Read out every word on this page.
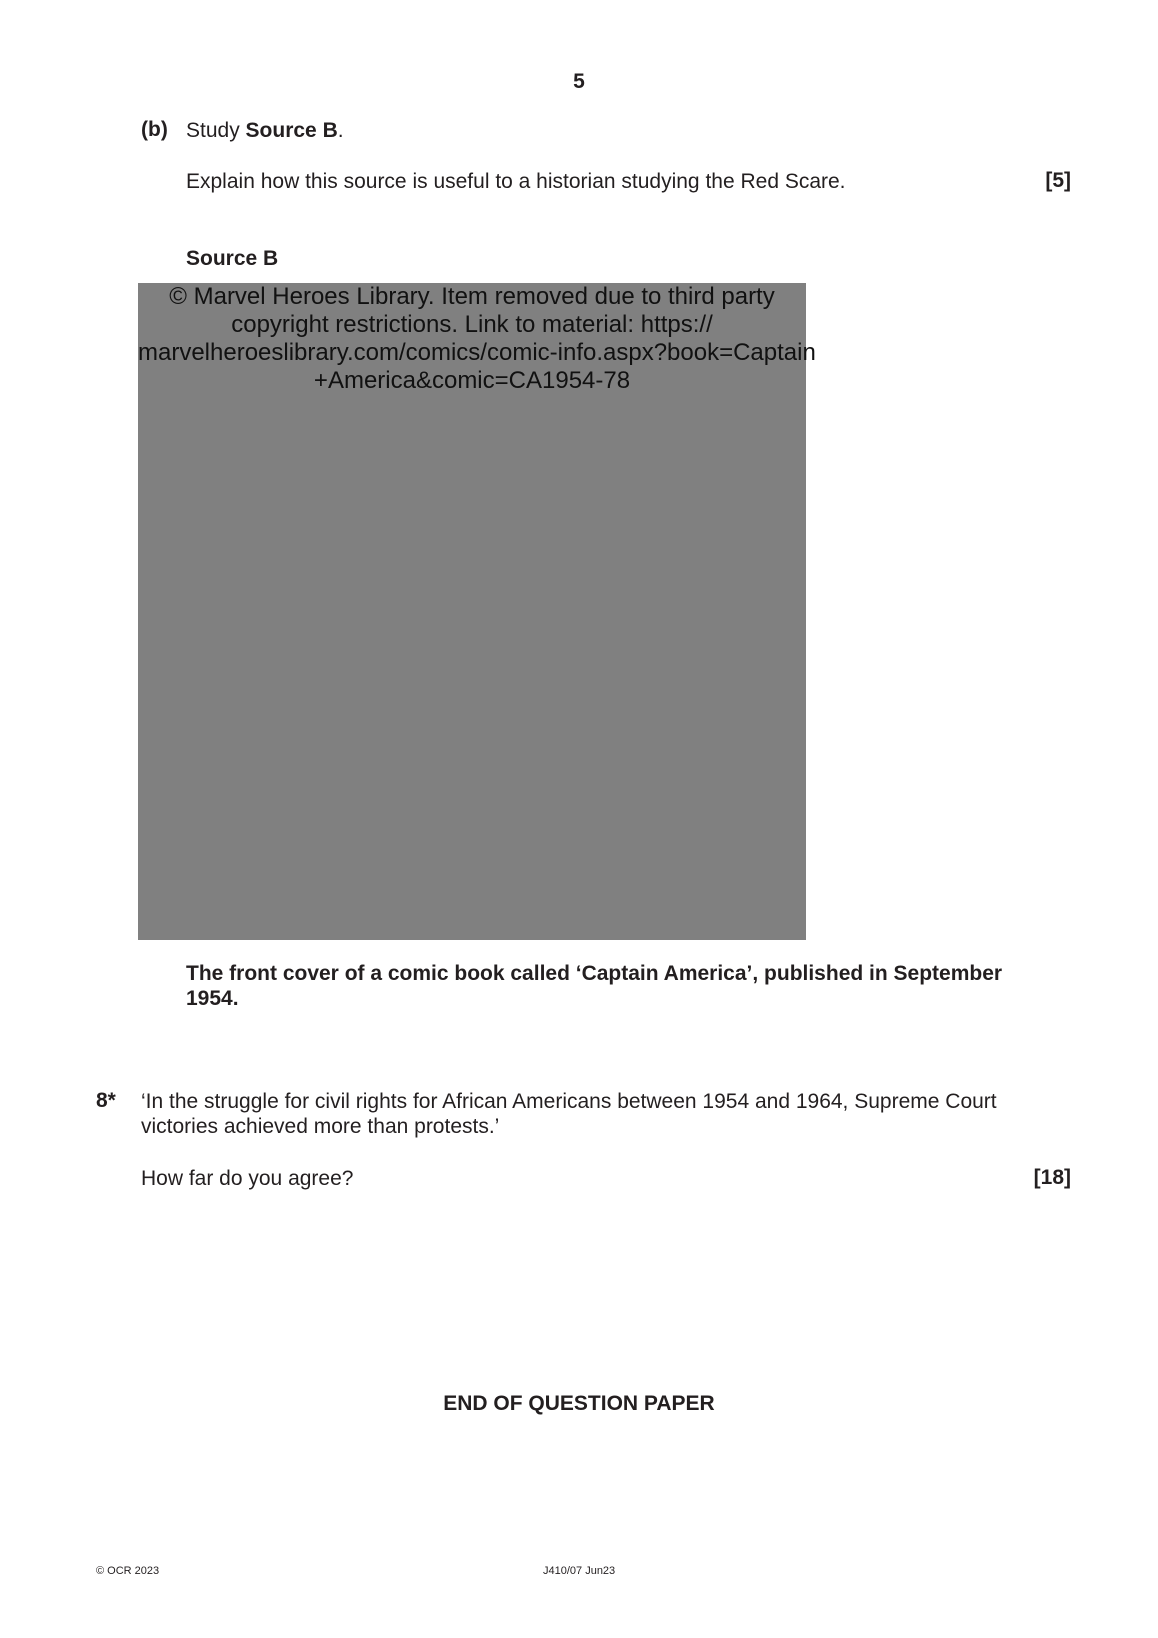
5
(b) Study Source B.
Explain how this source is useful to a historian studying the Red Scare.	[5]
Source B
© Marvel Heroes Library. Item removed due to third party
copyright restrictions. Link to material: https://
marvelheroeslibrary.com/comics/comic-info.aspx?book=Captain
+America&comic=CA1954-78
The front cover of a comic book called ‘Captain America’, published in September
1954.
8* ‘In the struggle for civil rights for African Americans between 1954 and 1964, Supreme Court
victories achieved more than protests.’
How far do you agree?	[18]
END OF QUESTION PAPER
© OCR 2023	J410/07 Jun23
